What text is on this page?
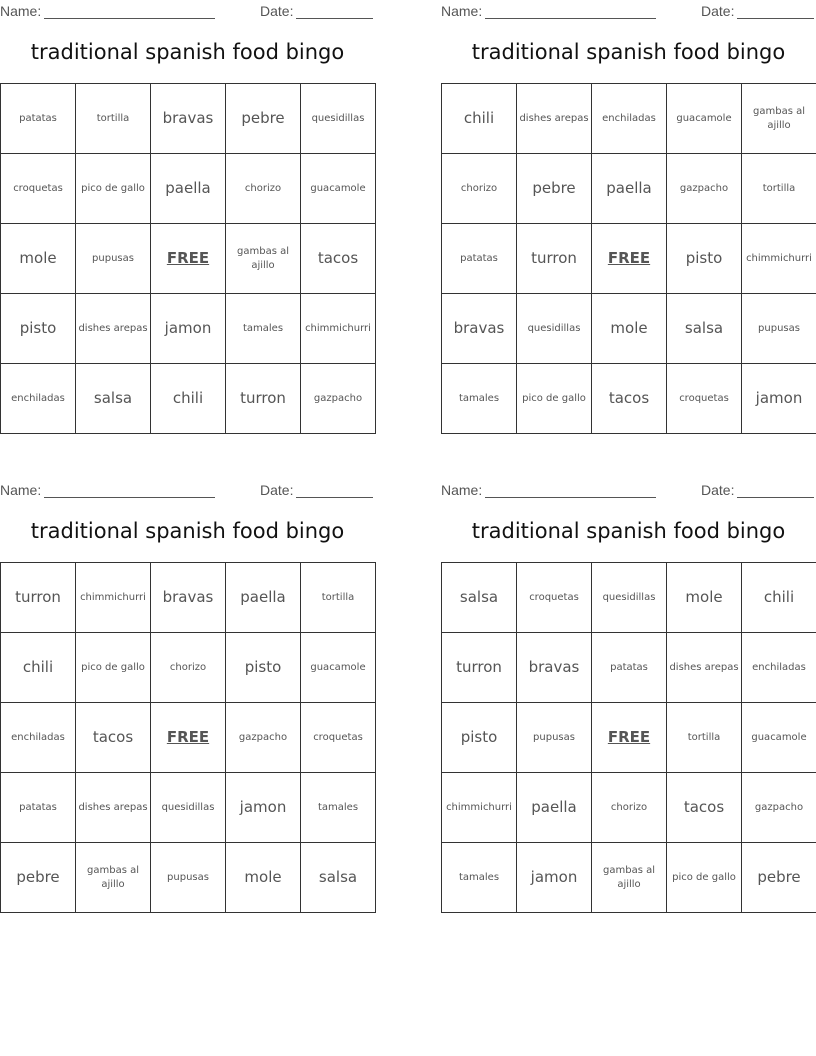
Name:	Date:
traditional spanish food bingo
patatas	tortilla	bravas	pebre	quesidillas
croquetas	pico de gallo	paella	chorizo	guacamole
mole	pupusas	FREE	gambas al ajillo	tacos
pisto	dishes arepas	jamon	tamales	chimmichurri
enchiladas	salsa	chili	turron	gazpacho
Name:	Date:
traditional spanish food bingo
chili	dishes arepas	enchiladas	guacamole	gambas al ajillo
chorizo	pebre	paella	gazpacho	tortilla
patatas	turron	FREE	pisto	chimmichurri
bravas	quesidillas	mole	salsa	pupusas
tamales	pico de gallo	tacos	croquetas	jamon
Name:	Date:
traditional spanish food bingo
turron	chimmichurri	bravas	paella	tortilla
chili	pico de gallo	chorizo	pisto	guacamole
enchiladas	tacos	FREE	gazpacho	croquetas
patatas	dishes arepas	quesidillas	jamon	tamales
pebre	gambas al ajillo	pupusas	mole	salsa
Name:	Date:
traditional spanish food bingo
salsa	croquetas	quesidillas	mole	chili
turron	bravas	patatas	dishes arepas	enchiladas
pisto	pupusas	FREE	tortilla	guacamole
chimmichurri	paella	chorizo	tacos	gazpacho
tamales	jamon	gambas al ajillo	pico de gallo	pebre
